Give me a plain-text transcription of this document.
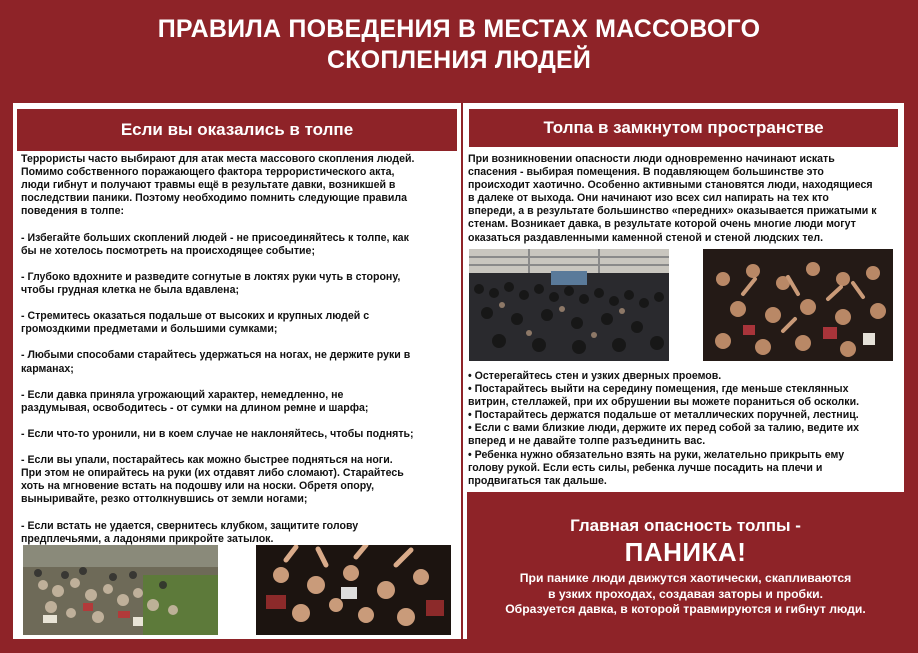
ПРАВИЛА ПОВЕДЕНИЯ В МЕСТАХ МАССОВОГО
СКОПЛЕНИЯ ЛЮДЕЙ
Если вы оказались в толпе
Террористы часто выбирают для атак места массового скопления людей.
Помимо собственного поражающего фактора террористического акта,
люди гибнут и получают травмы ещё в результате давки, возникшей в
последствии паники. Поэтому необходимо помнить следующие правила
поведения в толпе:

- Избегайте больших скоплений людей - не присоединяйтесь к толпе, как
бы не хотелось посмотреть на происходящее событие;

- Глубоко вдохните и разведите согнутые в локтях руки чуть в сторону,
чтобы грудная клетка не была вдавлена;

- Стремитесь оказаться подальше от высоких и крупных людей с
громоздкими предметами и большими сумками;

- Любыми способами старайтесь удержаться на ногах, не держите руки в
карманах;

- Если давка приняла угрожающий характер, немедленно, не
раздумывая, освободитесь - от сумки на длином ремне и шарфа;

- Если что-то уронили, ни в коем случае не наклоняйтесь, чтобы поднять;

- Если вы упали, постарайтесь как можно быстрее подняться на ноги.
При этом не опирайтесь на руки (их отдавят либо сломают). Старайтесь
хоть на мгновение встать на подошву или на носки. Обретя опору,
выныривайте, резко оттолкнувшись от земли ногами;

- Если встать не удается, свернитесь клубком, защитите голову
предплечьями, а ладонями прикройте затылок.
Толпа в замкнутом пространстве
При возникновении опасности люди одновременно начинают искать
спасения - выбирая помещения. В подавляющем большинстве это
происходит хаотично. Особенно активными становятся люди, находящиеся
в далеке от выхода. Они начинают изо всех сил напирать на тех кто
впереди, а в результате большинство «передних» оказывается прижатыми к
стенам. Возникает давка, в результате которой очень многие люди могут
оказаться раздавленными каменной стеной и стеной людских тел.
• Остерегайтесь стен и узких дверных проемов.
• Постарайтесь выйти на середину помещения, где меньше стеклянных
витрин, стеллажей, при их обрушении вы можете пораниться об осколки.
• Постарайтесь держатся подальше от металлических поручней, лестниц.
• Если с вами близкие люди, держите их перед собой за талию, ведите их
вперед и не давайте толпе разъединить вас.
• Ребенка нужно обязательно взять на руки, желательно прикрыть ему
голову рукой. Если есть силы, ребенка лучше посадить на плечи и
продвигаться так дальше.
Главная опасность толпы -
ПАНИКА!
При панике люди движутся хаотически, скапливаются
в узких проходах, создавая заторы и пробки.
Образуется давка, в которой травмируются и гибнут люди.
